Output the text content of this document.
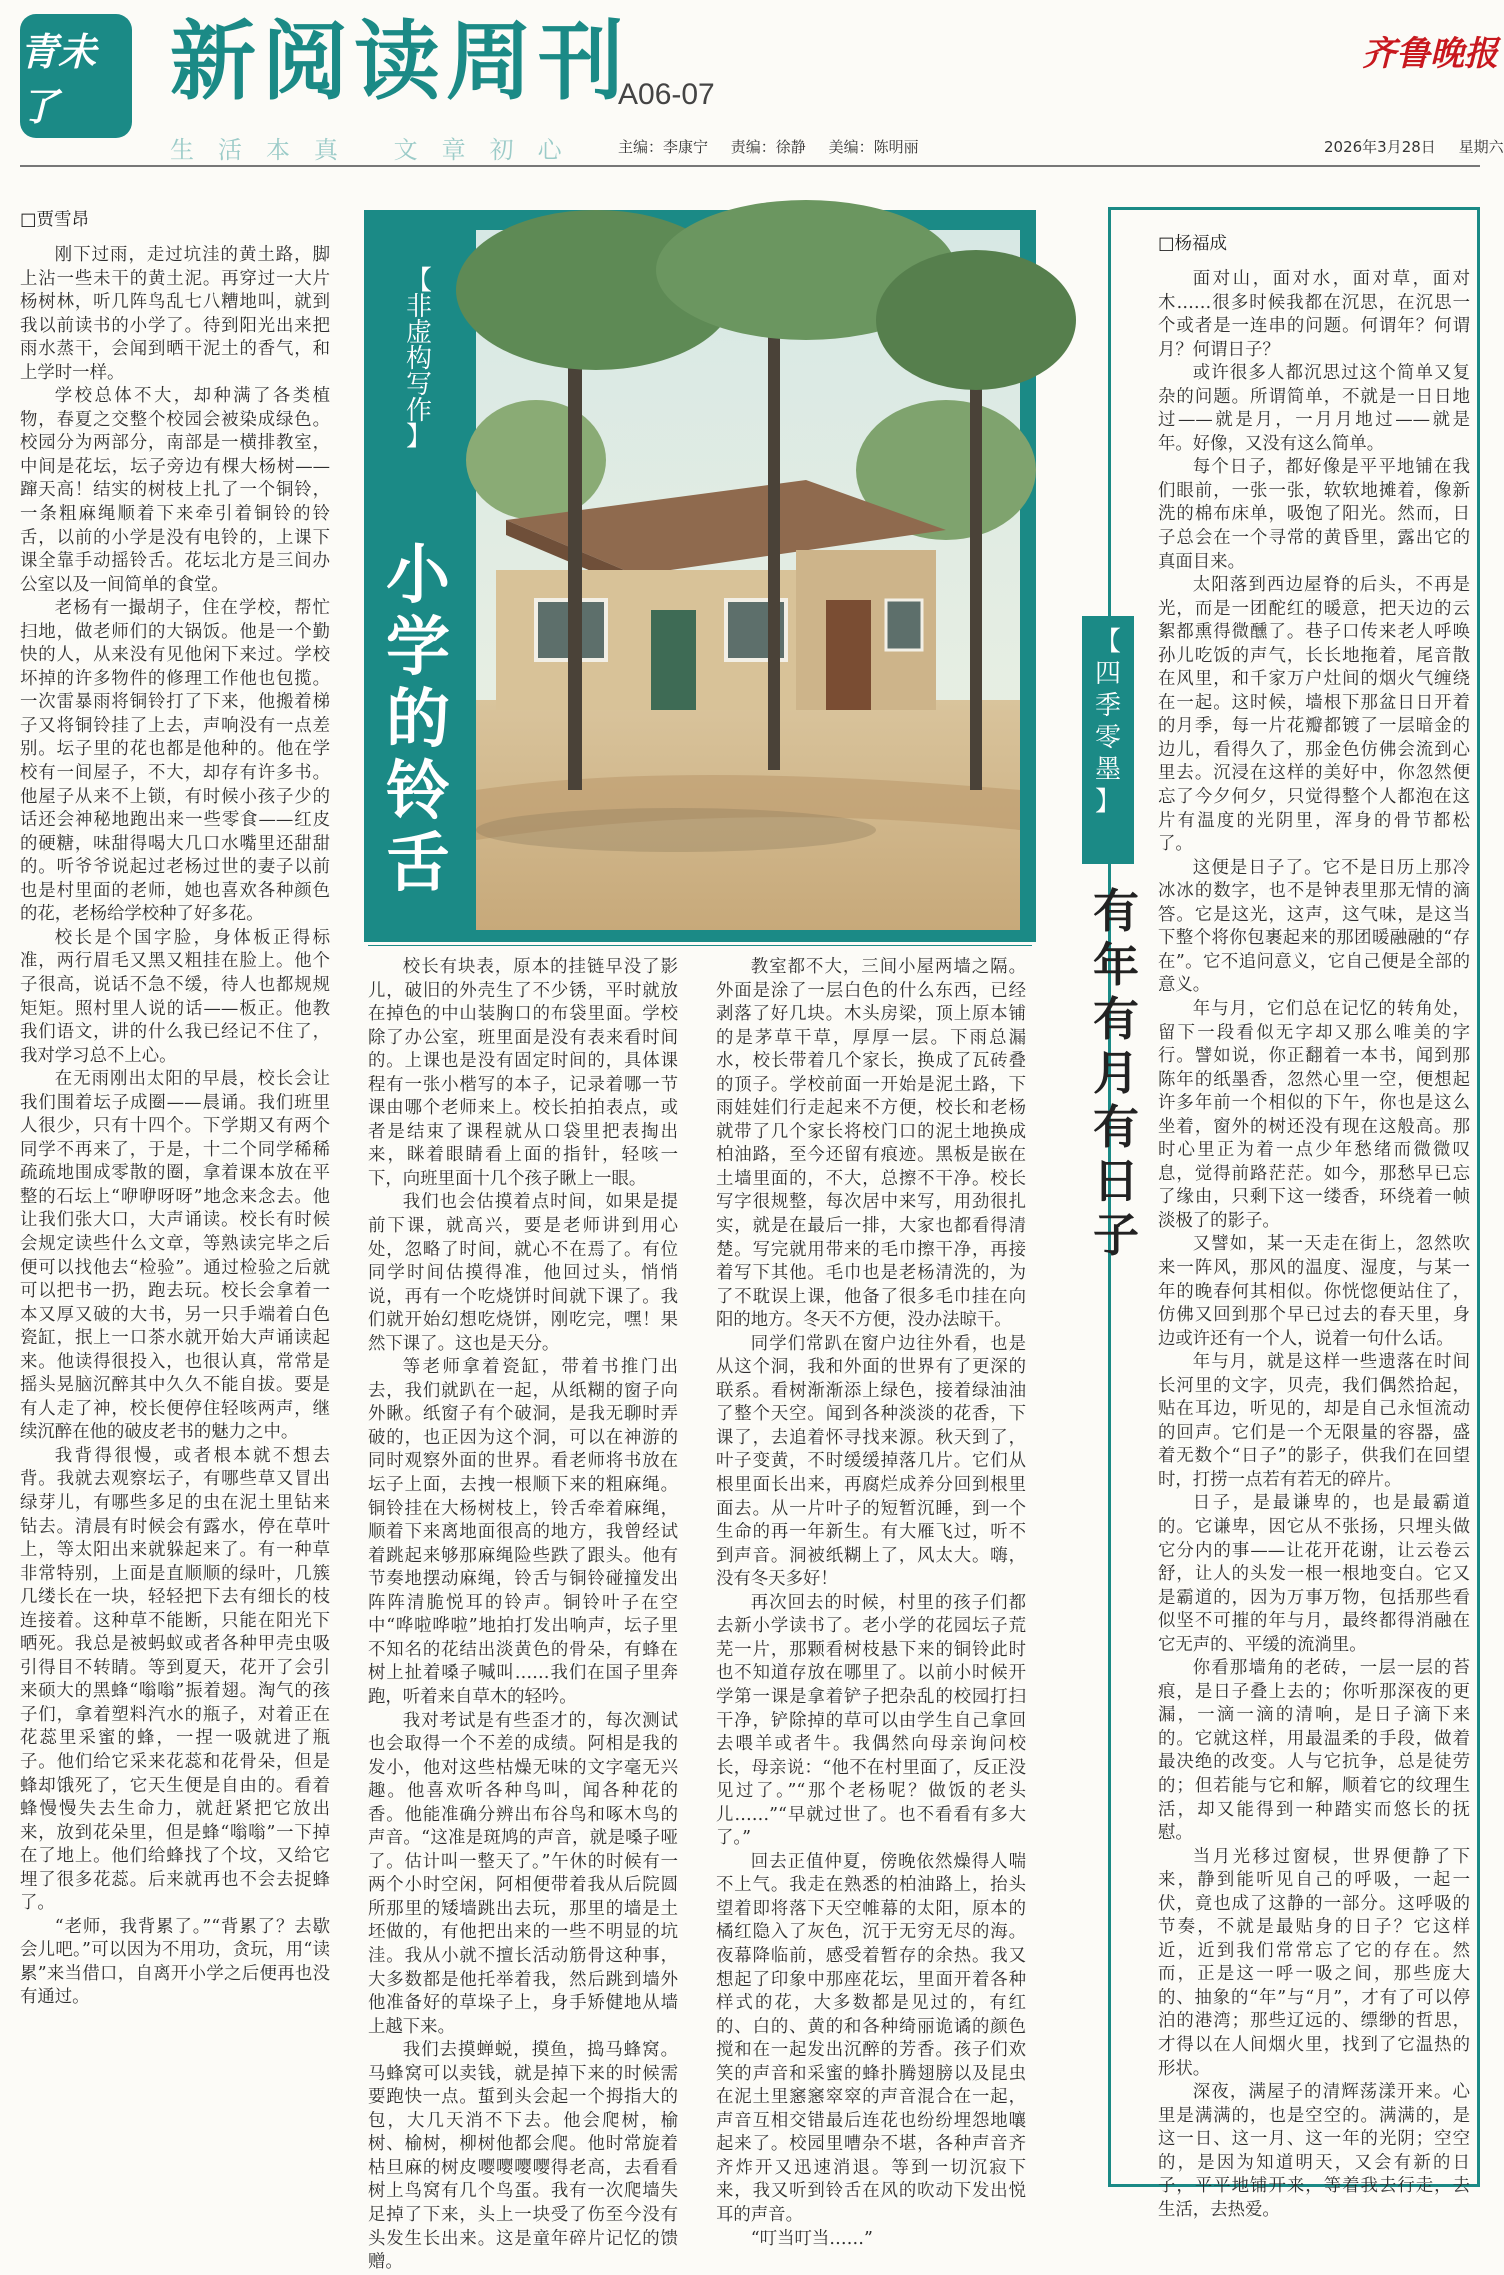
青未了	新阅读周刊
生活本真 文章初心
A06-07
主编：李康宁 责编：徐静 美编：陈明丽
齐鲁晚报
2026年3月28日 星期六
【
非
虚
构
写
作
】
小学的铃舌

□贾雪昂

刚下过雨，走过坑洼的黄土路，脚上沾一些未干的黄土泥。再穿过一大片杨树林，听几阵鸟乱七八糟地叫，就到我以前读书的小学了。待到阳光出来把雨水蒸干，会闻到晒干泥土的香气，和上学时一样。

学校总体不大，却种满了各类植物，春夏之交整个校园会被染成绿色。校园分为两部分，南部是一横排教室，中间是花坛，坛子旁边有棵大杨树——蹿天高！结实的树枝上扎了一个铜铃，一条粗麻绳顺着下来牵引着铜铃的铃舌，以前的小学是没有电铃的，上课下课全靠手动摇铃舌。花坛北方是三间办公室以及一间简单的食堂。

老杨有一撮胡子，住在学校，帮忙扫地，做老师们的大锅饭。他是一个勤快的人，从来没有见他闲下来过。学校坏掉的许多物件的修理工作他也包揽。一次雷暴雨将铜铃打了下来，他搬着梯子又将铜铃挂了上去，声响没有一点差别。坛子里的花也都是他种的。他在学校有一间屋子，不大，却存有许多书。他屋子从来不上锁，有时候小孩子少的话还会神秘地跑出来一些零食——红皮的硬糖，味甜得喝大几口水嘴里还甜甜的。听爷爷说起过老杨过世的妻子以前也是村里面的老师，她也喜欢各种颜色的花，老杨给学校种了好多花。

校长是个国字脸，身体板正得标准，两行眉毛又黑又粗挂在脸上。他个子很高，说话不急不缓，待人也都规规矩矩。照村里人说的话——板正。他教我们语文，讲的什么我已经记不住了，我对学习总不上心。

在无雨刚出太阳的早晨，校长会让我们围着坛子成圈——晨诵。我们班里人很少，只有十四个。下学期又有两个同学不再来了，于是，十二个同学稀稀疏疏地围成零散的圈，拿着课本放在平整的石坛上“咿咿呀呀”地念来念去。他让我们张大口，大声诵读。校长有时候会规定读些什么文章，等熟读完毕之后便可以找他去“检验”。通过检验之后就可以把书一扔，跑去玩。校长会拿着一本又厚又破的大书，另一只手端着白色瓷缸，抿上一口茶水就开始大声诵读起来。他读得很投入，也很认真，常常是摇头晃脑沉醉其中久久不能自拔。要是有人走了神，校长便停住轻咳两声，继续沉醉在他的破皮老书的魅力之中。

我背得很慢，或者根本就不想去背。我就去观察坛子，有哪些草又冒出绿芽儿，有哪些多足的虫在泥土里钻来钻去。清晨有时候会有露水，停在草叶上，等太阳出来就躲起来了。有一种草非常特别，上面是直顺顺的绿叶，几簇几缕长在一块，轻轻把下去有细长的枝连接着。这种草不能断，只能在阳光下晒死。我总是被蚂蚁或者各种甲壳虫吸引得目不转睛。等到夏天，花开了会引来硕大的黑蜂“嗡嗡”振着翅。淘气的孩子们，拿着塑料汽水的瓶子，对着正在花蕊里采蜜的蜂，一捏一吸就进了瓶子。他们给它采来花蕊和花骨朵，但是蜂却饿死了，它天生便是自由的。看着蜂慢慢失去生命力，就赶紧把它放出来，放到花朵里，但是蜂“嗡嗡”一下掉在了地上。他们给蜂找了个坟，又给它埋了很多花蕊。后来就再也不会去捉蜂了。

“老师，我背累了。”“背累了？去歇会儿吧。”可以因为不用功，贪玩，用“读累”来当借口，自离开小学之后便再也没有通过。

校长有块表，原本的挂链早没了影儿，破旧的外壳生了不少锈，平时就放在掉色的中山装胸口的布袋里面。学校除了办公室，班里面是没有表来看时间的。上课也是没有固定时间的，具体课程有一张小楷写的本子，记录着哪一节课由哪个老师来上。校长拍拍表点，或者是结束了课程就从口袋里把表掏出来，眯着眼睛看上面的指针，轻咳一下，向班里面十几个孩子瞅上一眼。

我们也会估摸着点时间，如果是提前下课，就高兴，要是老师讲到用心处，忽略了时间，就心不在焉了。有位同学时间估摸得准，他回过头，悄悄说，再有一个吃烧饼时间就下课了。我们就开始幻想吃烧饼，刚吃完，嘿！果然下课了。这也是天分。

等老师拿着瓷缸，带着书推门出去，我们就趴在一起，从纸糊的窗子向外瞅。纸窗子有个破洞，是我无聊时弄破的，也正因为这个洞，可以在神游的同时观察外面的世界。看老师将书放在坛子上面，去拽一根顺下来的粗麻绳。铜铃挂在大杨树枝上，铃舌牵着麻绳，顺着下来离地面很高的地方，我曾经试着跳起来够那麻绳险些跌了跟头。他有节奏地摆动麻绳，铃舌与铜铃碰撞发出阵阵清脆悦耳的铃声。铜铃叶子在空中“哗啦哗啦”地拍打发出响声，坛子里不知名的花结出淡黄色的骨朵，有蜂在树上扯着嗓子喊叫……我们在国子里奔跑，听着来自草木的轻吟。

我对考试是有些歪才的，每次测试也会取得一个不差的成绩。阿相是我的发小，他对这些枯燥无味的文字毫无兴趣。他喜欢听各种鸟叫，闻各种花的香。他能准确分辨出布谷鸟和啄木鸟的声音。“这准是斑鸠的声音，就是嗓子哑了。估计叫一整天了。”午休的时候有一两个小时空闲，阿相便带着我从后院圆所那里的矮墙跳出去玩，那里的墙是土坯做的，有他把出来的一些不明显的坑洼。我从小就不擅长活动筋骨这种事，大多数都是他托举着我，然后跳到墙外他准备好的草垛子上，身手矫健地从墙上越下来。

我们去摸蝉蜕，摸鱼，捣马蜂窝。马蜂窝可以卖钱，就是掉下来的时候需要跑快一点。蜇到头会起一个拇指大的包，大几天消不下去。他会爬树，榆树、榆树，柳树他都会爬。他时常旋着枯旦麻的树皮嘤嘤嘤嘤得老高，去看看树上鸟窝有几个鸟蛋。我有一次爬墙失足掉了下来，头上一块受了伤至今没有头发生长出来。这是童年碎片记忆的馈赠。

教室都不大，三间小屋两墙之隔。外面是涂了一层白色的什么东西，已经剥落了好几块。木头房梁，顶上原本铺的是茅草干草，厚厚一层。下雨总漏水，校长带着几个家长，换成了瓦砖叠的顶子。学校前面一开始是泥土路，下雨娃娃们行走起来不方便，校长和老杨就带了几个家长将校门口的泥土地换成柏油路，至今还留有痕迹。黑板是嵌在土墙里面的，不大，总擦不干净。校长写字很规整，每次居中来写，用劲很扎实，就是在最后一排，大家也都看得清楚。写完就用带来的毛巾擦干净，再接着写下其他。毛巾也是老杨清洗的，为了不耽误上课，他备了很多毛巾挂在向阳的地方。冬天不方便，没办法晾干。

同学们常趴在窗户边往外看，也是从这个洞，我和外面的世界有了更深的联系。看树渐渐添上绿色，接着绿油油了整个天空。闻到各种淡淡的花香，下课了，去追着怀寻找来源。秋天到了，叶子变黄，不时缓缓掉落几片。它们从根里面长出来，再腐烂成养分回到根里面去。从一片叶子的短暂沉睡，到一个生命的再一年新生。有大雁飞过，听不到声音。洞被纸糊上了，风太大。嗨，没有冬天多好！

再次回去的时候，村里的孩子们都去新小学读书了。老小学的花园坛子荒芜一片，那颗看树枝悬下来的铜铃此时也不知道存放在哪里了。以前小时候开学第一课是拿着铲子把杂乱的校园打扫干净，铲除掉的草可以由学生自己拿回去喂羊或者牛。我偶然向母亲询问校长，母亲说：“他不在村里面了，反正没见过了。”“那个老杨呢？做饭的老头儿……”“早就过世了。也不看看有多大了。”

回去正值仲夏，傍晚依然燥得人喘不上气。我走在熟悉的柏油路上，抬头望着即将落下天空帷幕的太阳，原本的橘红隐入了灰色，沉于无穷无尽的海。夜幕降临前，感受着暂存的余热。我又想起了印象中那座花坛，里面开着各种样式的花，大多数都是见过的，有红的、白的、黄的和各种绮丽诡谲的颜色搅和在一起发出沉醉的芳香。孩子们欢笑的声音和采蜜的蜂扑腾翅膀以及昆虫在泥土里窸窸窣窣的声音混合在一起，声音互相交错最后连花也纷纷埋怨地嚷起来了。校园里嘈杂不堪，各种声音齐齐炸开又迅速消退。等到一切沉寂下来，我又听到铃舌在风的吹动下发出悦耳的声音。

“叮当叮当……”

□杨福成

面对山，面对水，面对草，面对木……很多时候我都在沉思，在沉思一个或者是一连串的问题。何谓年？何谓月？何谓日子？

或许很多人都沉思过这个简单又复杂的问题。所谓简单，不就是一日日地过——就是月，一月月地过——就是年。好像，又没有这么简单。

每个日子，都好像是平平地铺在我们眼前，一张一张，软软地摊着，像新洗的棉布床单，吸饱了阳光。然而，日子总会在一个寻常的黄昏里，露出它的真面目来。

太阳落到西边屋脊的后头，不再是光，而是一团酡红的暖意，把天边的云絮都熏得微醺了。巷子口传来老人呼唤孙儿吃饭的声气，长长地拖着，尾音散在风里，和千家万户灶间的烟火气缠绕在一起。这时候，墙根下那盆日日开着的月季，每一片花瓣都镀了一层暗金的边儿，看得久了，那金色仿佛会流到心里去。沉浸在这样的美好中，你忽然便忘了今夕何夕，只觉得整个人都泡在这片有温度的光阴里，浑身的骨节都松了。

这便是日子了。它不是日历上那冷冰冰的数字，也不是钟表里那无情的滴答。它是这光，这声，这气味，是这当下整个将你包裹起来的那团暖融融的“存在”。它不追问意义，它自己便是全部的意义。

年与月，它们总在记忆的转角处，留下一段看似无字却又那么唯美的字行。譬如说，你正翻着一本书，闻到那陈年的纸墨香，忽然心里一空，便想起许多年前一个相似的下午，你也是这么坐着，窗外的树还没有现在这般高。那时心里正为着一点少年愁绪而微微叹息，觉得前路茫茫。如今，那愁早已忘了缘由，只剩下这一缕香，环绕着一帧淡极了的影子。

又譬如，某一天走在街上，忽然吹来一阵风，那风的温度、湿度，与某一年的晚春何其相似。你恍惚便站住了，仿佛又回到那个早已过去的春天里，身边或许还有一个人，说着一句什么话。

年与月，就是这样一些遗落在时间长河里的文字，贝壳，我们偶然拾起，贴在耳边，听见的，却是自己永恒流动的回声。它们是一个无限量的容器，盛着无数个“日子”的影子，供我们在回望时，打捞一点若有若无的碎片。

日子，是最谦卑的，也是最霸道的。它谦卑，因它从不张扬，只埋头做它分内的事——让花开花谢，让云卷云舒，让人的头发一根一根地变白。它又是霸道的，因为万事万物，包括那些看似坚不可摧的年与月，最终都得消融在它无声的、平缓的流淌里。

你看那墙角的老砖，一层一层的苔痕，是日子叠上去的；你听那深夜的更漏，一滴一滴的清响，是日子滴下来的。它就这样，用最温柔的手段，做着最决绝的改变。人与它抗争，总是徒劳的；但若能与它和解，顺着它的纹理生活，却又能得到一种踏实而悠长的抚慰。

当月光移过窗棂，世界便静了下来，静到能听见自己的呼吸，一起一伏，竟也成了这静的一部分。这呼吸的节奏，不就是最贴身的日子？它这样近，近到我们常常忘了它的存在。然而，正是这一呼一吸之间，那些庞大的、抽象的“年”与“月”，才有了可以停泊的港湾；那些辽远的、缥缈的哲思，才得以在人间烟火里，找到了它温热的形状。

深夜，满屋子的清辉荡漾开来。心里是满满的，也是空空的。满满的，是这一日、这一月、这一年的光阴；空空的，是因为知道明天，又会有新的日子，平平地铺开来，等着我去行走，去生活，去热爱。

【
四
季
零
墨
】
有年有月有日子
